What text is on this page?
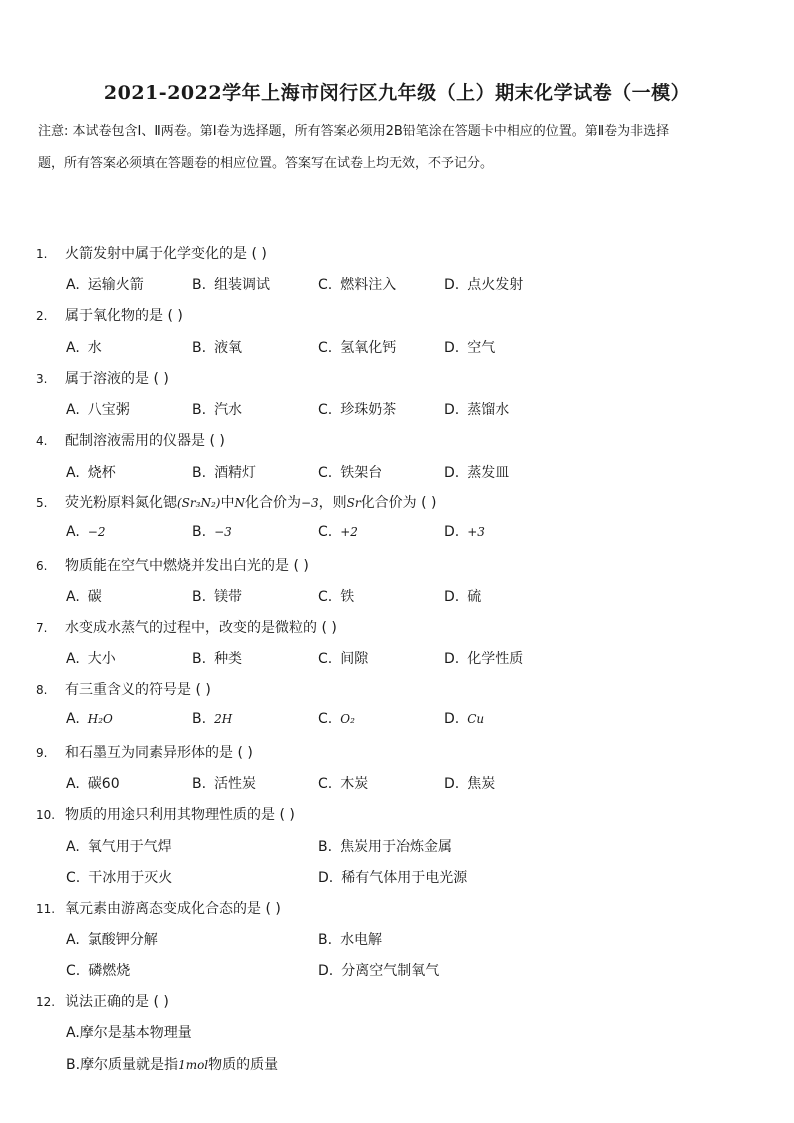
2021-2022学年上海市闵行区九年级（上）期末化学试卷（一模）
注意: 本试卷包含Ⅰ、Ⅱ两卷。第Ⅰ卷为选择题，所有答案必须用2B铅笔涂在答题卡中相应的位置。第Ⅱ卷为非选择
题，所有答案必须填在答题卷的相应位置。答案写在试卷上均无效，不予记分。
1. 火箭发射中属于化学变化的是 ( )
A. 运输火箭	B. 组装调试	C. 燃料注入	D. 点火发射
2. 属于氧化物的是 ( )
A. 水	B. 液氧	C. 氢氧化钙	D. 空气
3. 属于溶液的是 ( )
A. 八宝粥	B. 汽水	C. 珍珠奶茶	D. 蒸馏水
4. 配制溶液需用的仪器是 ( )
A. 烧杯	B. 酒精灯	C. 铁架台	D. 蒸发皿
5. 荧光粉原料氮化锶(Sr₃N₂)中N化合价为−3，则Sr化合价为 ( )
A. −2	B. −3	C. +2	D. +3
6. 物质能在空气中燃烧并发出白光的是 ( )
A. 碳	B. 镁带	C. 铁	D. 硫
7. 水变成水蒸气的过程中，改变的是微粒的 ( )
A. 大小	B. 种类	C. 间隙	D. 化学性质
8. 有三重含义的符号是 ( )
A. H₂O	B. 2H	C. O₂	D. Cu
9. 和石墨互为同素异形体的是 ( )
A. 碳60	B. 活性炭	C. 木炭	D. 焦炭
10. 物质的用途只利用其物理性质的是 ( )
A. 氧气用于气焊	B. 焦炭用于冶炼金属
C. 干冰用于灭火	D. 稀有气体用于电光源
11. 氧元素由游离态变成化合态的是 ( )
A. 氯酸钾分解	B. 水电解
C. 磷燃烧	D. 分离空气制氧气
12. 说法正确的是 ( )
A.摩尔是基本物理量
B.摩尔质量就是指1mol物质的质量
